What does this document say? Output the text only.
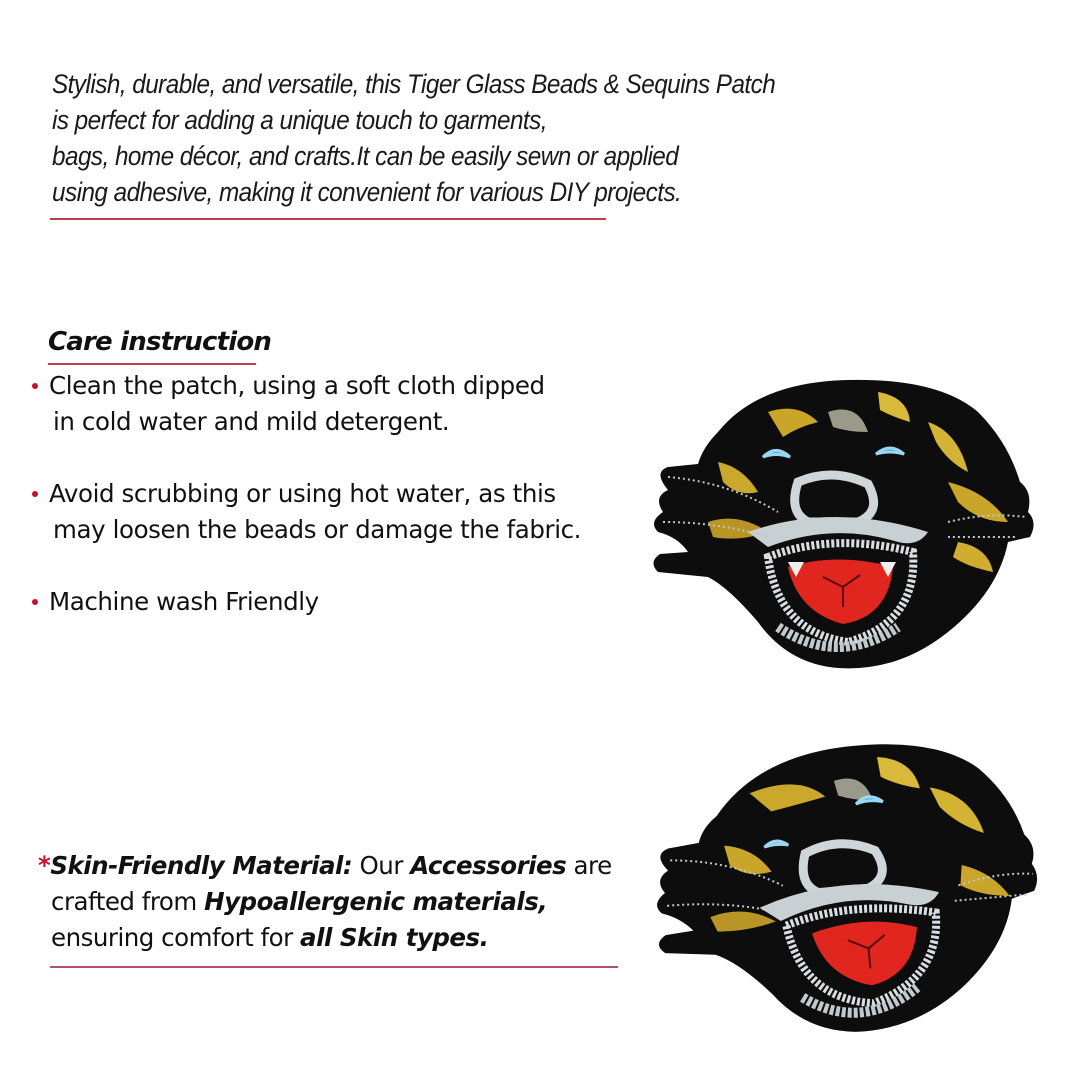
Stylish, durable, and versatile, this Tiger Glass Beads & Sequins Patch
is perfect for adding a unique touch to garments,
bags, home décor, and crafts.It can be easily sewn or applied
using adhesive, making it convenient for various DIY projects.
Care instruction
Clean the patch, using a soft cloth dipped
in cold water and mild detergent.
Avoid scrubbing or using hot water, as this
may loosen the beads or damage the fabric.
Machine wash Friendly
*Skin-Friendly Material: Our Accessories are
crafted from Hypoallergenic materials,
ensuring comfort for all Skin types.
